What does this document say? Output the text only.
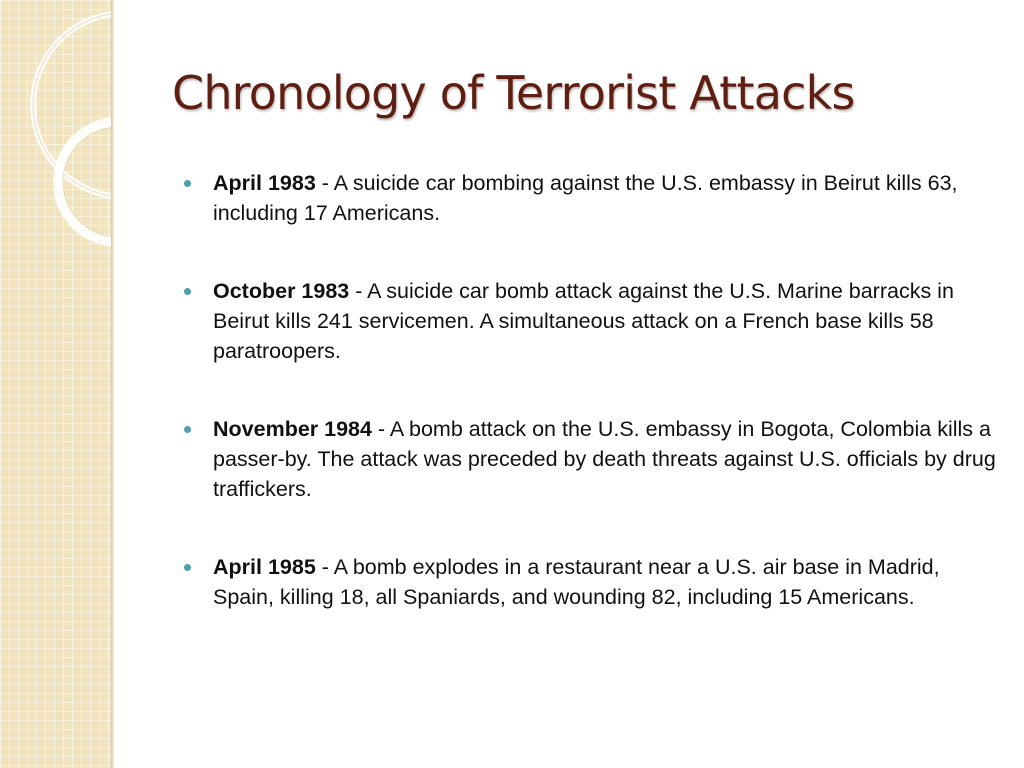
Chronology of Terrorist Attacks
April 1983 - A suicide car bombing against the U.S. embassy in Beirut kills 63, including 17 Americans.
October 1983 - A suicide car bomb attack against the U.S. Marine barracks in Beirut kills 241 servicemen. A simultaneous attack on a French base kills 58 paratroopers.
November 1984 - A bomb attack on the U.S. embassy in Bogota, Colombia kills a passer-by. The attack was preceded by death threats against U.S. officials by drug traffickers.
April 1985 - A bomb explodes in a restaurant near a U.S. air base in Madrid, Spain, killing 18, all Spaniards, and wounding 82, including 15 Americans.
